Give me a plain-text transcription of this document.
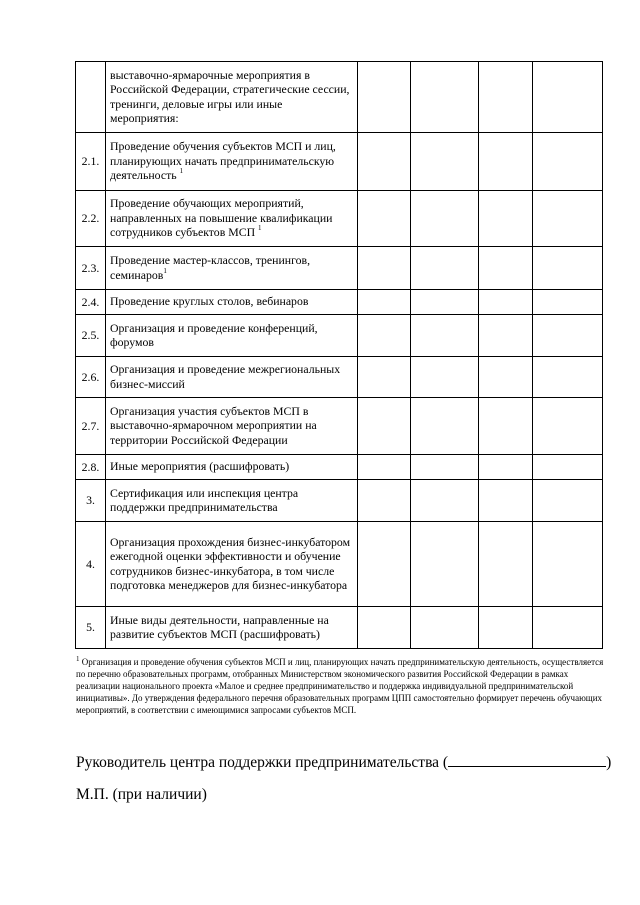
	выставочно-ярмарочные мероприятия в Российской Федерации, стратегические сессии, тренинги, деловые игры или иные мероприятия:				
2.1.	Проведение обучения субъектов МСП и лиц, планирующих начать предпринимательскую деятельность $^1$				
2.2.	Проведение обучающих мероприятий, направленных на повышение квалификации сотрудников субъектов МСП $^1$				
2.3.	Проведение мастер-классов, тренингов, семинаров$^1$				
2.4.	Проведение круглых столов, вебинаров				
2.5.	Организация и проведение конференций, форумов				
2.6.	Организация и проведение межрегиональных бизнес-миссий				
2.7.	Организация участия субъектов МСП в выставочно-ярмарочном мероприятии на территории Российской Федерации				
2.8.	Иные мероприятия (расшифровать)				
3.	Сертификация или инспекция центра поддержки предпринимательства				
4.	Организация прохождения бизнес-инкубатором ежегодной оценки эффективности и обучение сотрудников бизнес-инкубатора, в том числе подготовка менеджеров для бизнес-инкубатора				
5.	Иные виды деятельности, направленные на развитие субъектов МСП (расшифровать)				
$^1$ Организация и проведение обучения субъектов МСП и лиц, планирующих начать предпринимательскую деятельность, осуществляется по перечню образовательных программ, отобранных Министерством экономического развития Российской Федерации в рамках реализации национального проекта «Малое и среднее предпринимательство и поддержка индивидуальной предпринимательской инициативы». До утверждения федерального перечня образовательных программ ЦПП самостоятельно формирует перечень обучающих мероприятий, в соответствии с имеющимися запросами субъектов МСП.
Руководитель центра поддержки предпринимательства (	)
М.П. (при наличии)
